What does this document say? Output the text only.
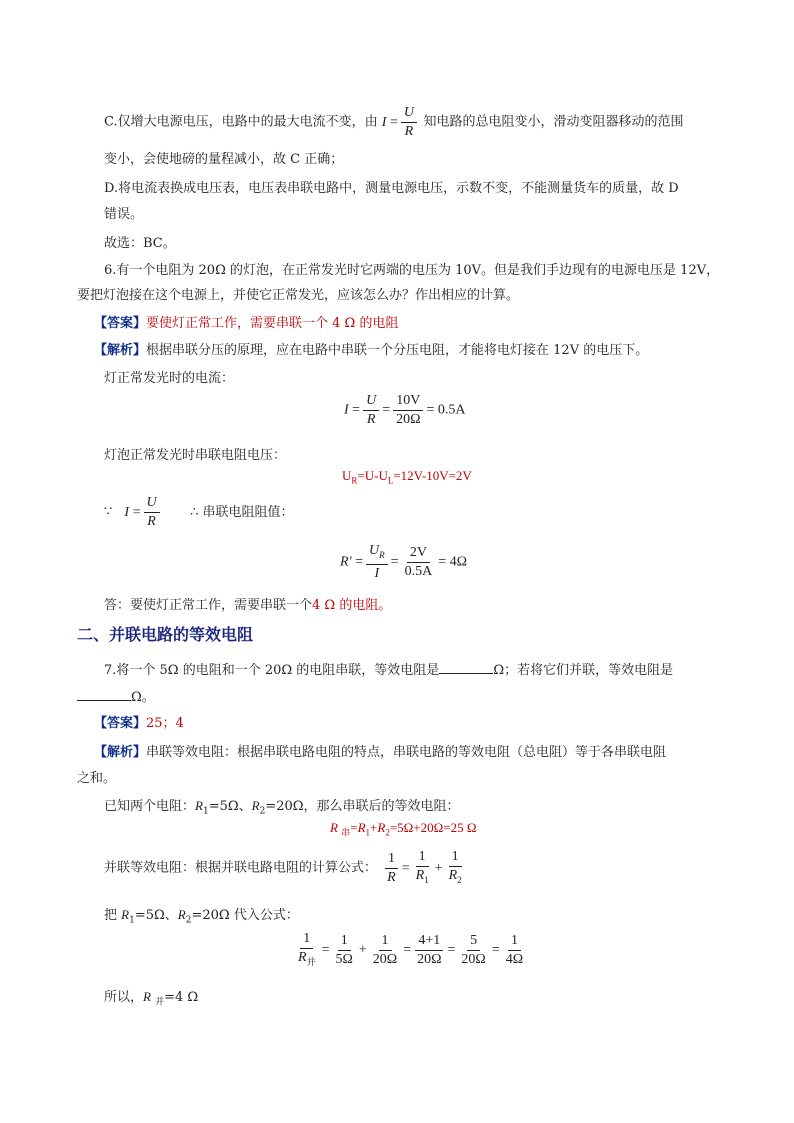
C.仅增大电源电压，电路中的最大电流不变，由 $I = \frac{U}{R}$ 知电路的总电阻变小，滑动变阻器移动的范围
变小，会使地磅的量程减小，故 C 正确；
D.将电流表换成电压表，电压表串联电路中，测量电源电压，示数不变，不能测量货车的质量，故 D
错误。
故选：BC。
6.有一个电阻为 20Ω 的灯泡，在正常发光时它两端的电压为 10V。但是我们手边现有的电源电压是 12V，
要把灯泡接在这个电源上，并使它正常发光，应该怎么办？作出相应的计算。
【答案】要使灯正常工作，需要串联一个 4 Ω 的电阻
【解析】根据串联分压的原理，应在电路中串联一个分压电阻，才能将电灯接在 12V 的电压下。
灯正常发光时的电流：
$I = \frac{U}{R} = \frac{10V}{20\Omega} = 0.5A$
灯泡正常发光时串联电阻电压：
$U_R=U-U_L=12V-10V=2V$
∵ $I = \frac{U}{R}$ ∴ 串联电阻阻值：
$R' = \frac{U_R}{I} = \frac{2V}{0.5A} = 4\Omega$
答：要使灯正常工作，需要串联一个4 Ω 的电阻。
二、并联电路的等效电阻
7.将一个 5Ω 的电阻和一个 20Ω 的电阻串联，等效电阻是	Ω；若将它们并联，等效电阻是
Ω。
【答案】25；4
【解析】串联等效电阻：根据串联电路电阻的特点，串联电路的等效电阻（总电阻）等于各串联电阻
之和。
已知两个电阻：$R_1=5\Omega$、$R_2=20\Omega$，那么串联后的等效电阻：
R $_串=R_1+R_2=5\Omega+20\Omega=25$ Ω
并联等效电阻：根据并联电路电阻的计算公式： $\frac{1}{R} = \frac{1}{R_1} + \frac{1}{R_2}$
把 $R_1=5\Omega$、$R_2=20\Omega$ 代入公式：
$\frac{1}{R_并} = \frac{1}{5\Omega} + \frac{1}{20\Omega} = \frac{4+1}{20\Omega} = \frac{5}{20\Omega} = \frac{1}{4\Omega}$
所以，R $_并$=4 Ω
